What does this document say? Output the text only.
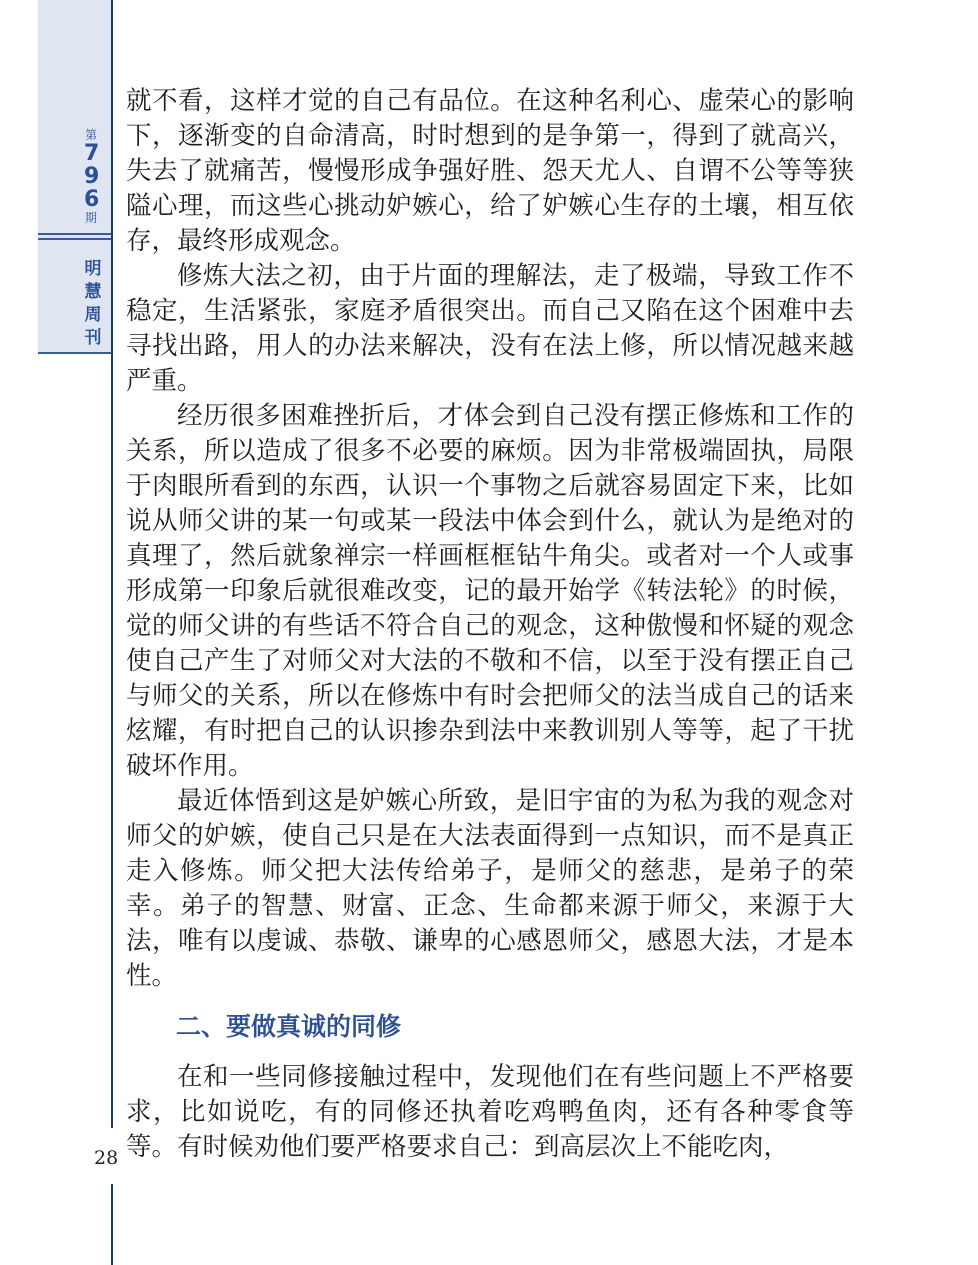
第
796
期
明慧周刊
28

就不看，这样才觉的自己有品位。在这种名利心、虚荣心的影响下，逐渐变的自命清高，时时想到的是争第一，得到了就高兴，失去了就痛苦，慢慢形成争强好胜、怨天尤人、自谓不公等等狭隘心理，而这些心挑动妒嫉心，给了妒嫉心生存的土壤，相互依存，最终形成观念。

修炼大法之初，由于片面的理解法，走了极端，导致工作不稳定，生活紧张，家庭矛盾很突出。而自己又陷在这个困难中去寻找出路，用人的办法来解决，没有在法上修，所以情况越来越严重。

经历很多困难挫折后，才体会到自己没有摆正修炼和工作的关系，所以造成了很多不必要的麻烦。因为非常极端固执，局限于肉眼所看到的东西，认识一个事物之后就容易固定下来，比如说从师父讲的某一句或某一段法中体会到什么，就认为是绝对的真理了，然后就象禅宗一样画框框钻牛角尖。或者对一个人或事形成第一印象后就很难改变，记的最开始学《转法轮》的时候，觉的师父讲的有些话不符合自己的观念，这种傲慢和怀疑的观念使自己产生了对师父对大法的不敬和不信，以至于没有摆正自己与师父的关系，所以在修炼中有时会把师父的法当成自己的话来炫耀，有时把自己的认识掺杂到法中来教训别人等等，起了干扰破坏作用。

最近体悟到这是妒嫉心所致，是旧宇宙的为私为我的观念对师父的妒嫉，使自己只是在大法表面得到一点知识，而不是真正走入修炼。师父把大法传给弟子，是师父的慈悲，是弟子的荣幸。弟子的智慧、财富、正念、生命都来源于师父，来源于大法，唯有以虔诚、恭敬、谦卑的心感恩师父，感恩大法，才是本性。

二、要做真诚的同修

在和一些同修接触过程中，发现他们在有些问题上不严格要求，比如说吃，有的同修还执着吃鸡鸭鱼肉，还有各种零食等等。有时候劝他们要严格要求自己：到高层次上不能吃肉，
